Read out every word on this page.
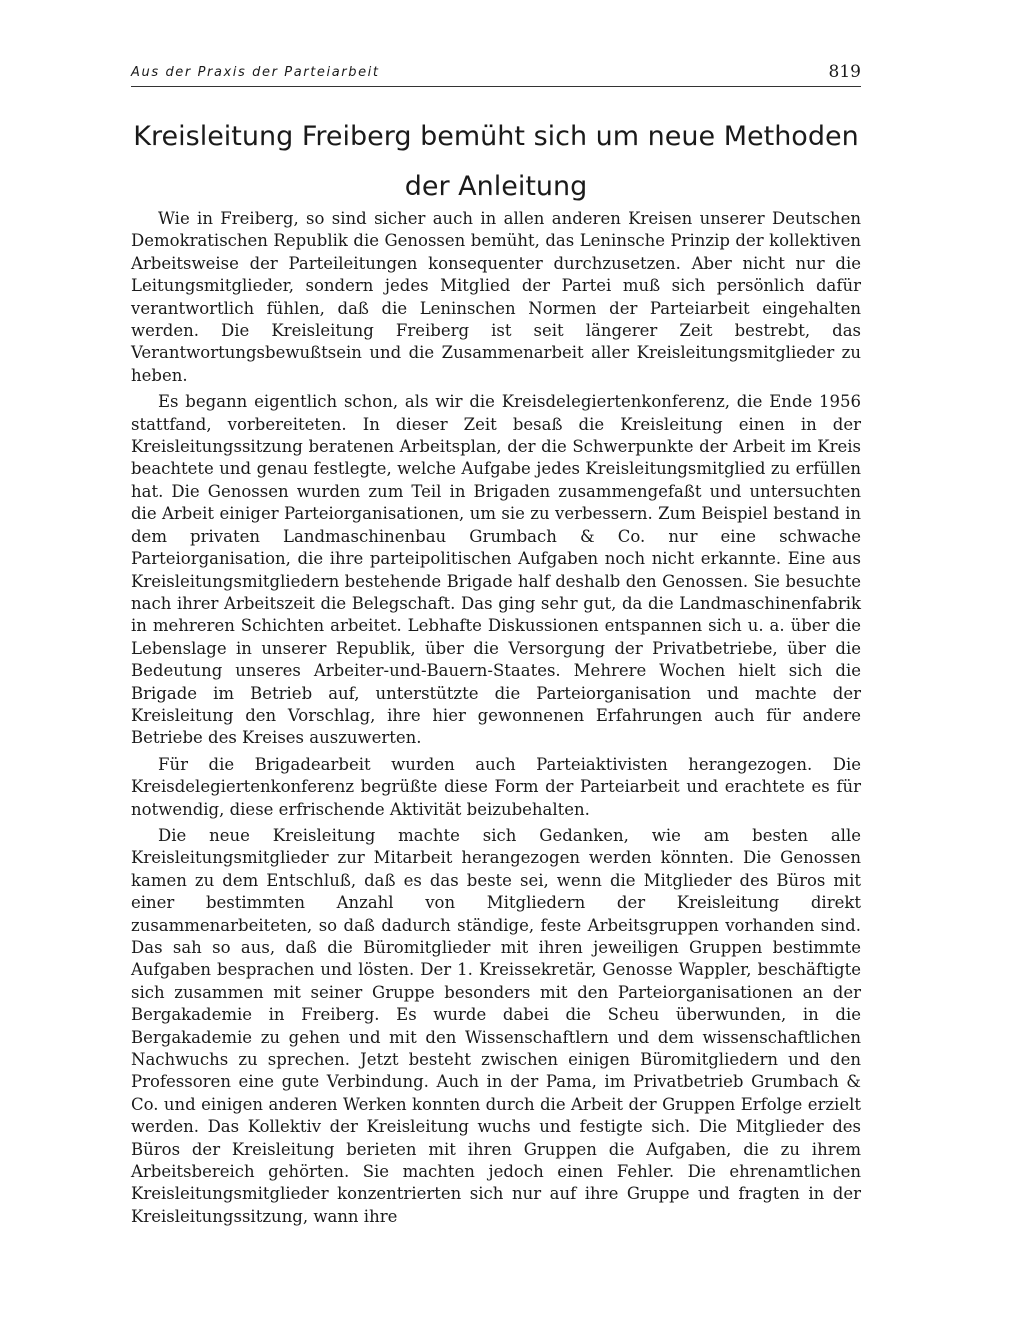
Aus der Praxis der Parteiarbeit	819
Kreisleitung Freiberg bemüht sich um neue Methoden der Anleitung

Wie in Freiberg, so sind sicher auch in allen anderen Kreisen unserer Deutschen Demokratischen Republik die Genossen bemüht, das Leninsche Prinzip der kollektiven Arbeitsweise der Parteileitungen konsequenter durchzusetzen. Aber nicht nur die Leitungsmitglieder, sondern jedes Mitglied der Partei muß sich persönlich dafür verantwortlich fühlen, daß die Leninschen Normen der Parteiarbeit eingehalten werden. Die Kreisleitung Freiberg ist seit längerer Zeit bestrebt, das Verantwortungsbewußtsein und die Zusammenarbeit aller Kreisleitungsmitglieder zu heben.

Es begann eigentlich schon, als wir die Kreisdelegiertenkonferenz, die Ende 1956 stattfand, vorbereiteten. In dieser Zeit besaß die Kreisleitung einen in der Kreisleitungssitzung beratenen Arbeitsplan, der die Schwerpunkte der Arbeit im Kreis beachtete und genau festlegte, welche Aufgabe jedes Kreisleitungsmitglied zu erfüllen hat. Die Genossen wurden zum Teil in Brigaden zusammengefaßt und untersuchten die Arbeit einiger Parteiorganisationen, um sie zu verbessern. Zum Beispiel bestand in dem privaten Landmaschinenbau Grumbach & Co. nur eine schwache Parteiorganisation, die ihre parteipolitischen Aufgaben noch nicht erkannte. Eine aus Kreisleitungsmitgliedern bestehende Brigade half deshalb den Genossen. Sie besuchte nach ihrer Arbeitszeit die Belegschaft. Das ging sehr gut, da die Landmaschinenfabrik in mehreren Schichten arbeitet. Lebhafte Diskussionen entspannen sich u. a. über die Lebenslage in unserer Republik, über die Versorgung der Privatbetriebe, über die Bedeutung unseres Arbeiter-und-Bauern-Staates. Mehrere Wochen hielt sich die Brigade im Betrieb auf, unterstützte die Parteiorganisation und machte der Kreisleitung den Vorschlag, ihre hier gewonnenen Erfahrungen auch für andere Betriebe des Kreises auszuwerten.

Für die Brigadearbeit wurden auch Parteiaktivisten herangezogen. Die Kreisdelegiertenkonferenz begrüßte diese Form der Parteiarbeit und erachtete es für notwendig, diese erfrischende Aktivität beizubehalten.

Die neue Kreisleitung machte sich Gedanken, wie am besten alle Kreisleitungsmitglieder zur Mitarbeit herangezogen werden könnten. Die Genossen kamen zu dem Entschluß, daß es das beste sei, wenn die Mitglieder des Büros mit einer bestimmten Anzahl von Mitgliedern der Kreisleitung direkt zusammenarbeiteten, so daß dadurch ständige, feste Arbeitsgruppen vorhanden sind. Das sah so aus, daß die Büromitglieder mit ihren jeweiligen Gruppen bestimmte Aufgaben besprachen und lösten. Der 1. Kreissekretär, Genosse Wappler, beschäftigte sich zusammen mit seiner Gruppe besonders mit den Parteiorganisationen an der Bergakademie in Freiberg. Es wurde dabei die Scheu überwunden, in die Bergakademie zu gehen und mit den Wissenschaftlern und dem wissenschaftlichen Nachwuchs zu sprechen. Jetzt besteht zwischen einigen Büromitgliedern und den Professoren eine gute Verbindung. Auch in der Pama, im Privatbetrieb Grumbach & Co. und einigen anderen Werken konnten durch die Arbeit der Gruppen Erfolge erzielt werden. Das Kollektiv der Kreisleitung wuchs und festigte sich. Die Mitglieder des Büros der Kreisleitung berieten mit ihren Gruppen die Aufgaben, die zu ihrem Arbeitsbereich gehörten. Sie machten jedoch einen Fehler. Die ehrenamtlichen Kreisleitungsmitglieder konzentrierten sich nur auf ihre Gruppe und fragten in der Kreisleitungssitzung, wann ihre
